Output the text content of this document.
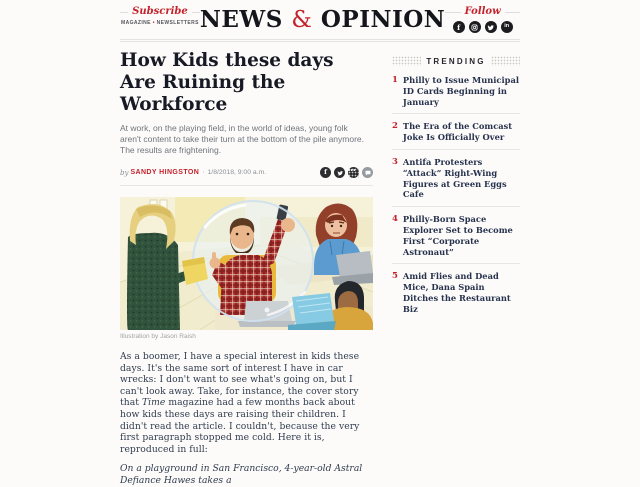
Subscribe
MAGAZINE • NEWSLETTERS NEWS & OPINION Follow
f	in
How Kids these days Are Ruining the Workforce

At work, on the playing field, in the world of ideas, young folk aren't content to take their turn at the bottom of the pile anymore. The results are frightening.

by SANDY HINGSTON · 1/8/2018, 9:00 a.m.	f	•••
Illustration by Jason Raish

As a boomer, I have a special interest in kids these days. It's the same sort of interest I have in car wrecks: I don't want to see what's going on, but I can't look away. Take, for instance, the cover story that Time magazine had a few months back about how kids these days are raising their children. I didn't read the article. I couldn't, because the very first paragraph stopped me cold. Here it is, reproduced in full:

On a playground in San Francisco, 4-year-old Astral Defiance Hawes takes a

TRENDING
1 Philly to Issue Municipal ID Cards Beginning in January
2 The Era of the Comcast Joke Is Officially Over
3 Antifa Protesters “Attack” Right-Wing Figures at Green Eggs Cafe
4 Philly-Born Space Explorer Set to Become First “Corporate Astronaut”
5 Amid Flies and Dead Mice, Dana Spain Ditches the Restaurant Biz
